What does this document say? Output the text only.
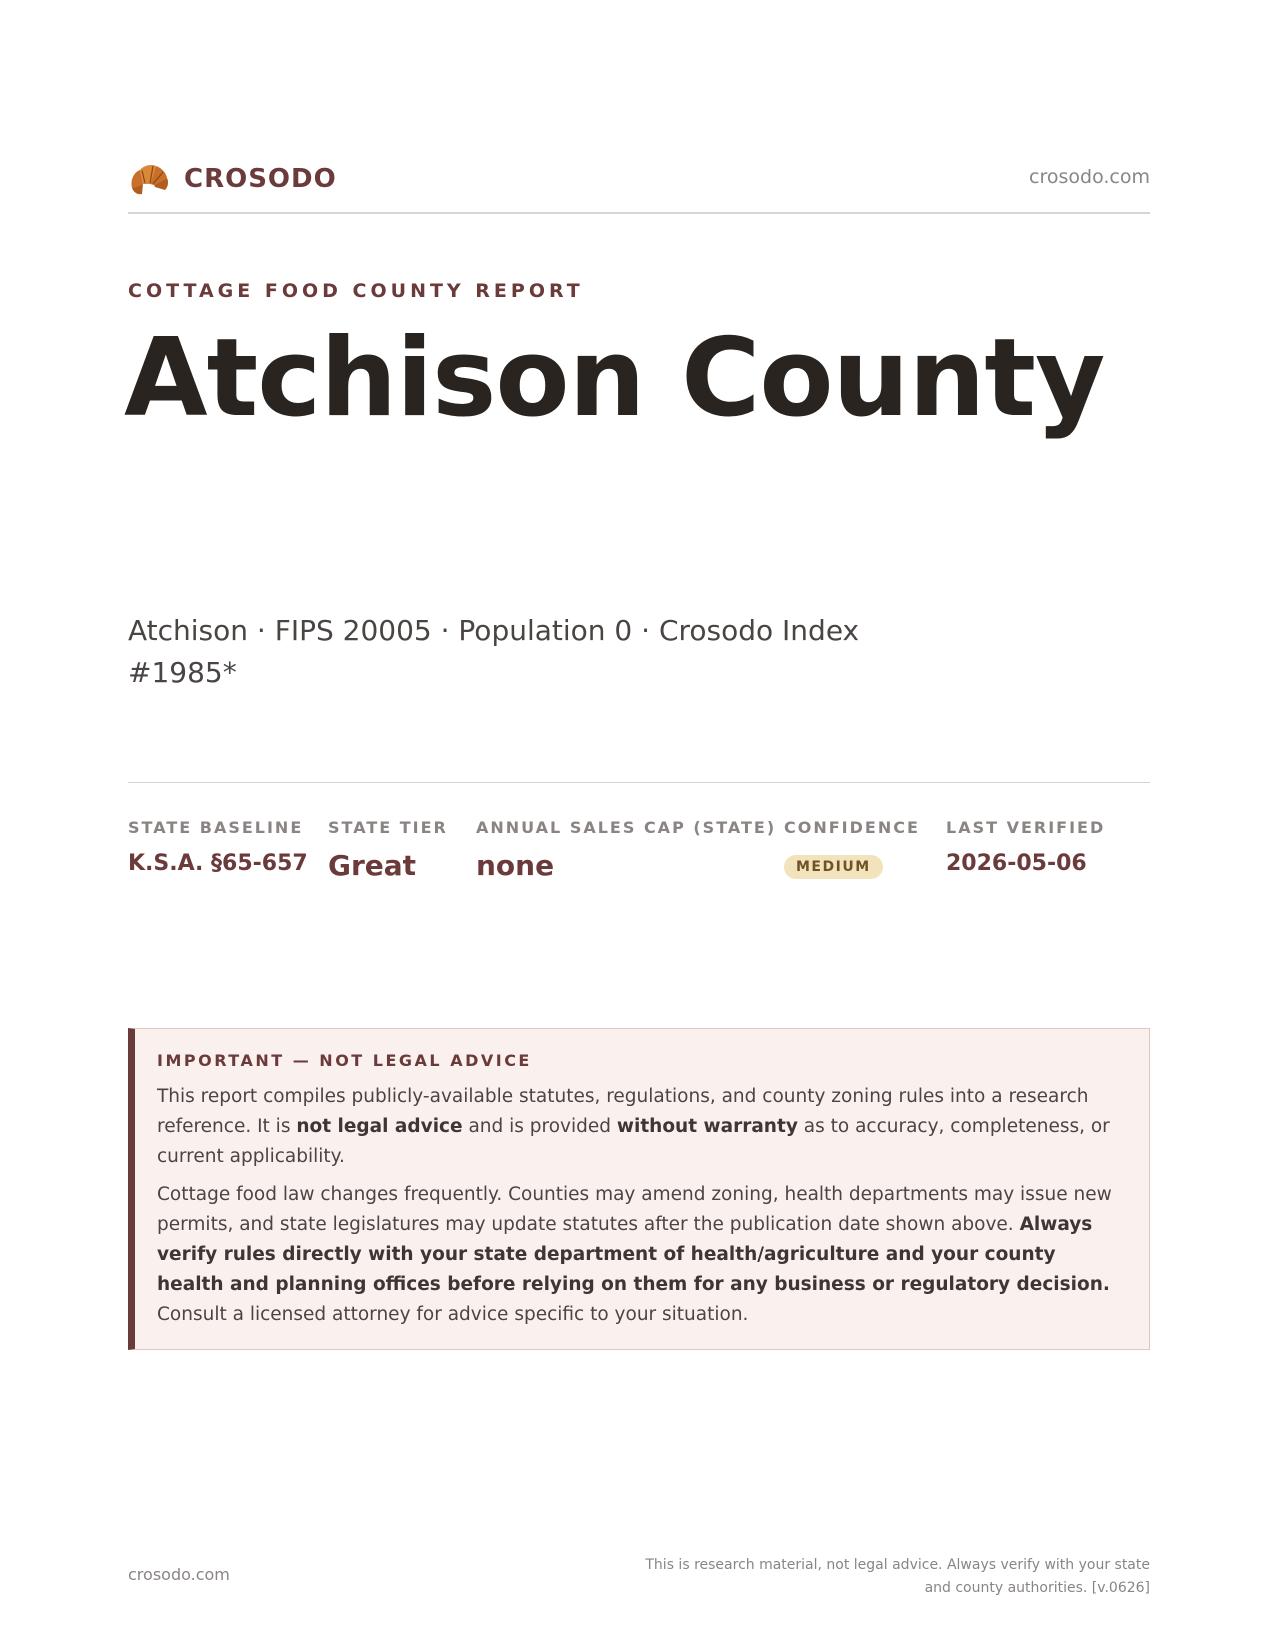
CROSODO	crosodo.com
COTTAGE FOOD COUNTY REPORT
Atchison County
Atchison · FIPS 20005 · Population 0 · Crosodo Index #1985*
STATE BASELINE
K.S.A. §65-657
STATE TIER
Great
ANNUAL SALES CAP (STATE)
none
CONFIDENCE
MEDIUM
LAST VERIFIED
2026-05-06
IMPORTANT — NOT LEGAL ADVICE

This report compiles publicly-available statutes, regulations, and county zoning rules into a research reference. It is not legal advice and is provided without warranty as to accuracy, completeness, or current applicability.

Cottage food law changes frequently. Counties may amend zoning, health departments may issue new permits, and state legislatures may update statutes after the publication date shown above. Always verify rules directly with your state department of health/agriculture and your county health and planning offices before relying on them for any business or regulatory decision. Consult a licensed attorney for advice specific to your situation.

crosodo.com	This is research material, not legal advice. Always verify with your state and county authorities. [v.0626]
